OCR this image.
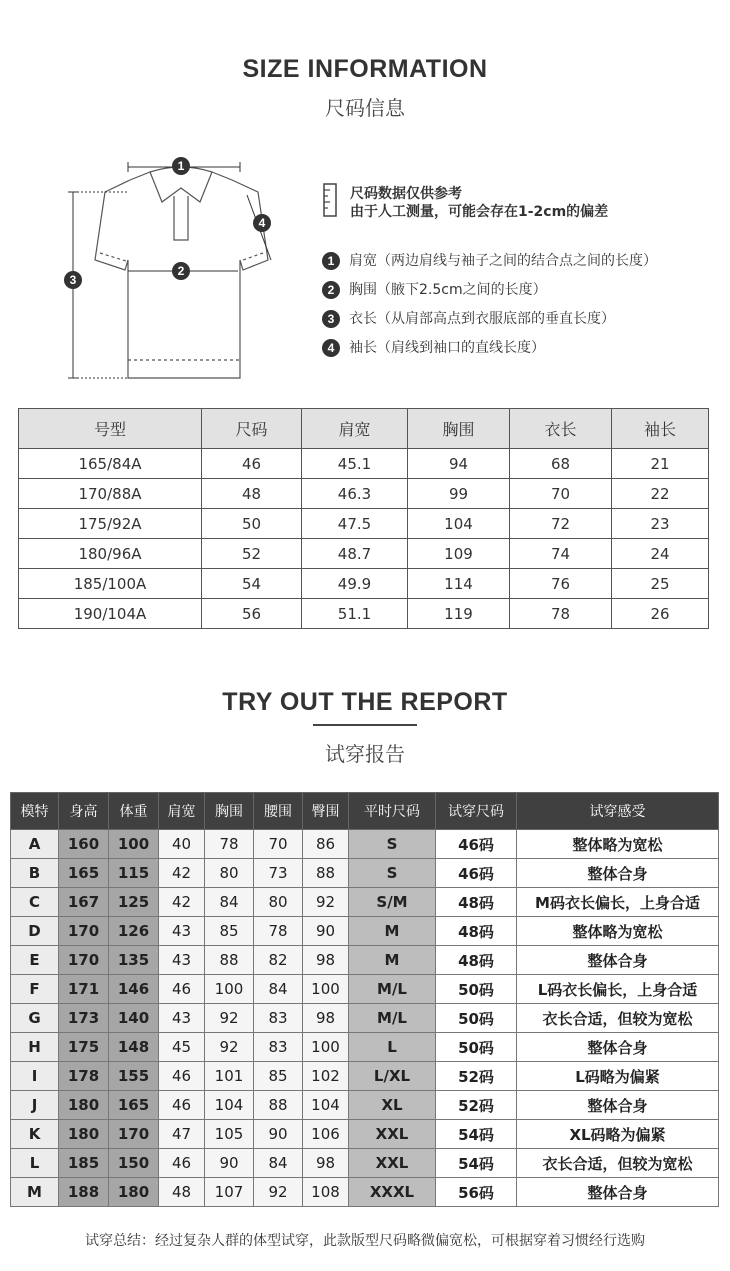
SIZE INFORMATION
尺码信息
1
2
3
4
尺码数据仅供参考
由于人工测量，可能会存在1-2cm的偏差
1 肩宽（两边肩线与袖子之间的结合点之间的长度）
2 胸围（腋下2.5cm之间的长度）
3 衣长（从肩部高点到衣服底部的垂直长度）
4 袖长（肩线到袖口的直线长度）
号型	尺码	肩宽	胸围	衣长	袖长
165/84A	46	45.1	94	68	21
170/88A	48	46.3	99	70	22
175/92A	50	47.5	104	72	23
180/96A	52	48.7	109	74	24
185/100A	54	49.9	114	76	25
190/104A	56	51.1	119	78	26
TRY OUT THE REPORT
试穿报告
模特	身高	体重	肩宽	胸围	腰围	臀围	平时尺码	试穿尺码	试穿感受
A	160	100	40	78	70	86	S	46码	整体略为宽松
B	165	115	42	80	73	88	S	46码	整体合身
C	167	125	42	84	80	92	S/M	48码	M码衣长偏长，上身合适
D	170	126	43	85	78	90	M	48码	整体略为宽松
E	170	135	43	88	82	98	M	48码	整体合身
F	171	146	46	100	84	100	M/L	50码	L码衣长偏长，上身合适
G	173	140	43	92	83	98	M/L	50码	衣长合适，但较为宽松
H	175	148	45	92	83	100	L	50码	整体合身
I	178	155	46	101	85	102	L/XL	52码	L码略为偏紧
J	180	165	46	104	88	104	XL	52码	整体合身
K	180	170	47	105	90	106	XXL	54码	XL码略为偏紧
L	185	150	46	90	84	98	XXL	54码	衣长合适，但较为宽松
M	188	180	48	107	92	108	XXXL	56码	整体合身
试穿总结：经过复杂人群的体型试穿，此款版型尺码略微偏宽松，可根据穿着习惯经行选购
